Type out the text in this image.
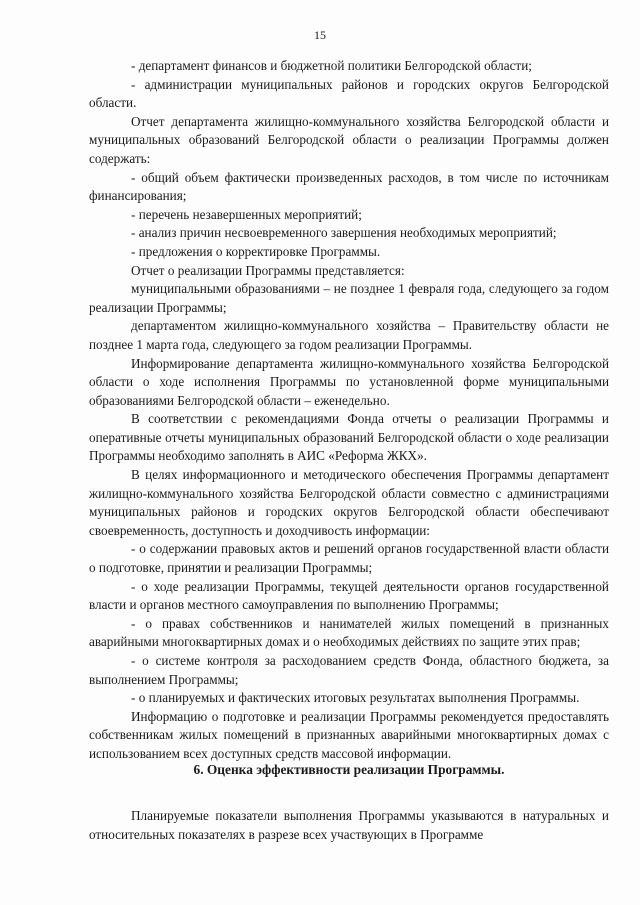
15

- департамент финансов и бюджетной политики Белгородской области;

- администрации муниципальных районов и городских округов Белгородской области.

Отчет департамента жилищно-коммунального хозяйства Белгородской области и муниципальных образований Белгородской области о реализации Программы должен содержать:

- общий объем фактически произведенных расходов, в том числе по источникам финансирования;

- перечень незавершенных мероприятий;

- анализ причин несвоевременного завершения необходимых мероприятий;

- предложения о корректировке Программы.

Отчет о реализации Программы представляется:

муниципальными образованиями – не позднее 1 февраля года, следующего за годом реализации Программы;

департаментом жилищно-коммунального хозяйства – Правительству области не позднее 1 марта года, следующего за годом реализации Программы.

Информирование департамента жилищно-коммунального хозяйства Белгородской области о ходе исполнения Программы по установленной форме муниципальными образованиями Белгородской области – еженедельно.

В соответствии с рекомендациями Фонда отчеты о реализации Программы и оперативные отчеты муниципальных образований Белгородской области о ходе реализации Программы необходимо заполнять в АИС «Реформа ЖКХ».

В целях информационного и методического обеспечения Программы департамент жилищно-коммунального хозяйства Белгородской области совместно с администрациями муниципальных районов и городских округов Белгородской области обеспечивают своевременность, доступность и доходчивость информации:

- о содержании правовых актов и решений органов государственной власти области о подготовке, принятии и реализации Программы;

- о ходе реализации Программы, текущей деятельности органов государственной власти и органов местного самоуправления по выполнению Программы;

- о правах собственников и нанимателей жилых помещений в признанных аварийными многоквартирных домах и о необходимых действиях по защите этих прав;

- о системе контроля за расходованием средств Фонда, областного бюджета, за выполнением Программы;

- о планируемых и фактических итоговых результатах выполнения Программы.

Информацию о подготовке и реализации Программы рекомендуется предоставлять собственникам жилых помещений в признанных аварийными многоквартирных домах с использованием всех доступных средств массовой информации.

6. Оценка эффективности реализации Программы.

Планируемые показатели выполнения Программы указываются в натуральных и относительных показателях в разрезе всех участвующих в Программе
